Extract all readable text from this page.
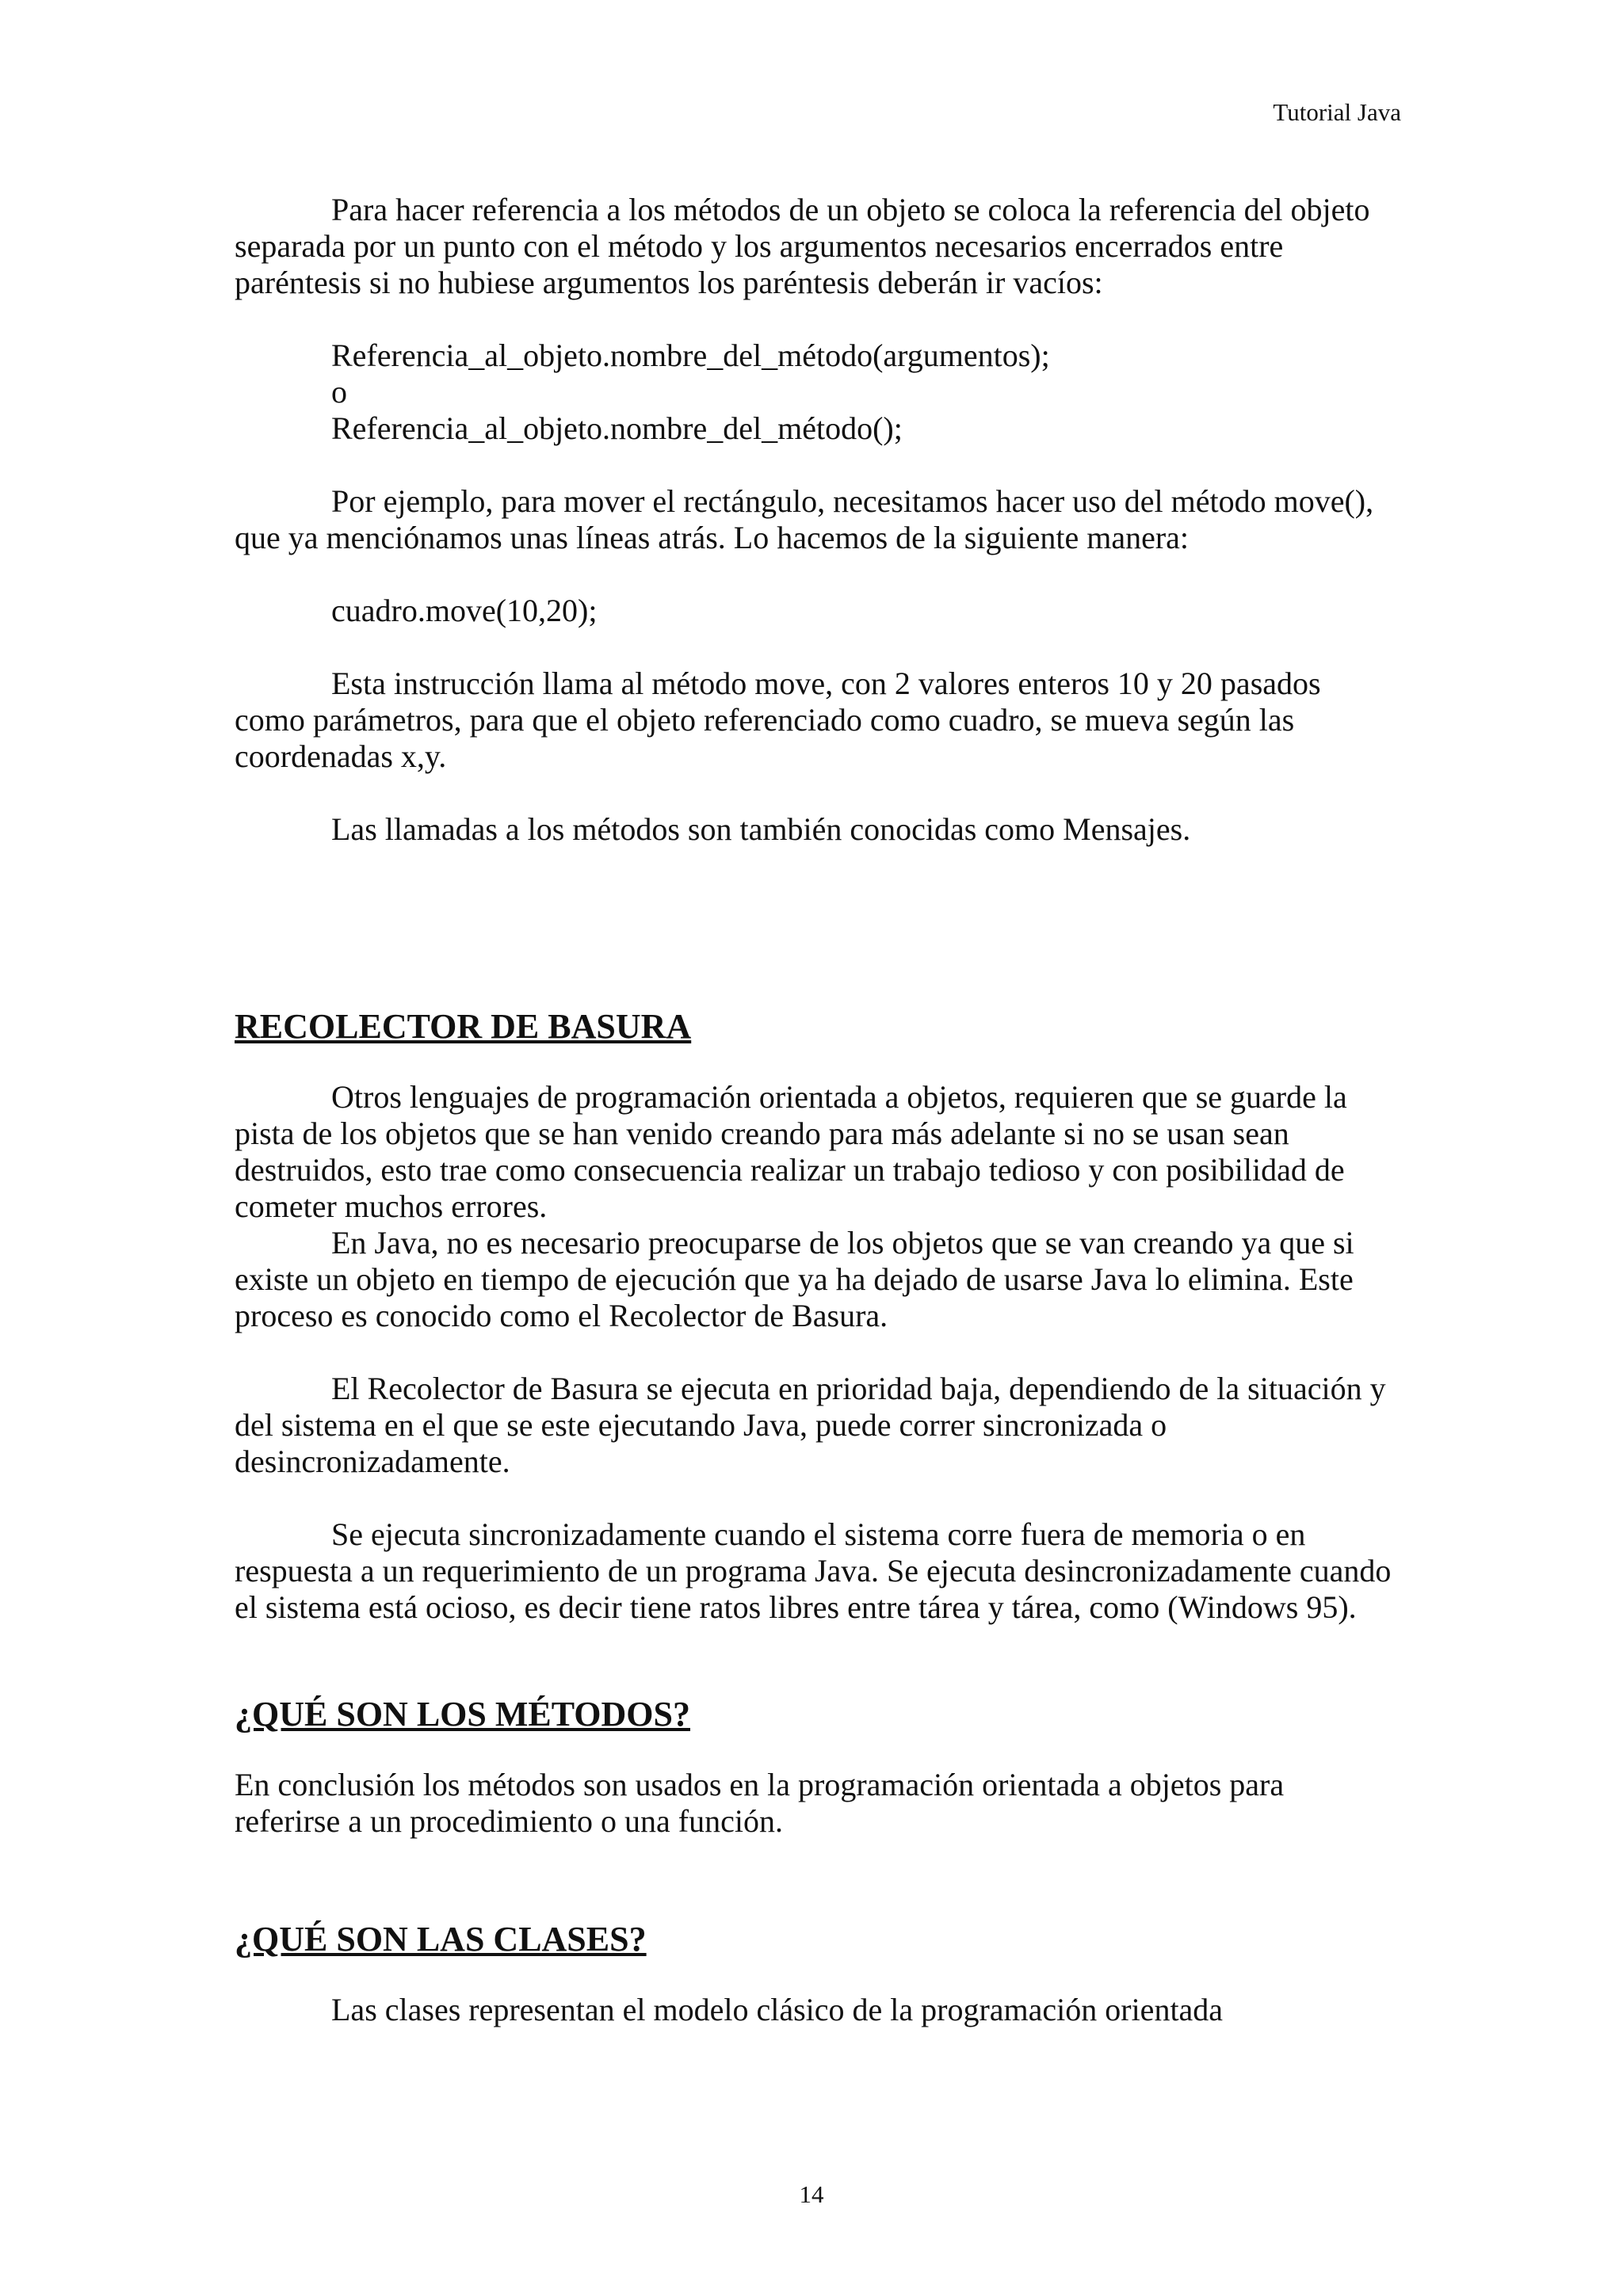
Tutorial Java

Para hacer referencia a los métodos de un objeto se coloca la referencia del objeto separada por un punto con el método y los argumentos necesarios encerrados entre paréntesis si no hubiese argumentos los paréntesis deberán ir vacíos:

Referencia_al_objeto.nombre_del_método(argumentos);

o

Referencia_al_objeto.nombre_del_método();

Por ejemplo, para mover el rectángulo, necesitamos hacer uso del método move(), que ya menciónamos unas líneas atrás. Lo hacemos de la siguiente manera:

cuadro.move(10,20);

Esta instrucción llama al método move, con 2 valores enteros 10 y 20 pasados como parámetros, para que el objeto referenciado como cuadro, se mueva según las coordenadas x,y.

Las llamadas a los métodos son también conocidas como Mensajes.

RECOLECTOR DE BASURA

Otros lenguajes de programación orientada a objetos, requieren que se guarde la pista de los objetos que se han venido creando para más adelante si no se usan sean destruidos, esto trae como consecuencia realizar un trabajo tedioso y con posibilidad de cometer muchos errores.

En Java, no es necesario preocuparse de los objetos que se van creando ya que si existe un objeto en tiempo de ejecución que ya ha dejado de usarse Java lo elimina. Este proceso es conocido como el Recolector de Basura.

El Recolector de Basura se ejecuta en prioridad baja, dependiendo de la situación y del sistema en el que se este ejecutando Java, puede correr sincronizada o desincronizadamente.

Se ejecuta sincronizadamente cuando el sistema corre fuera de memoria o en respuesta a un requerimiento de un programa Java. Se ejecuta desincronizadamente cuando el sistema está ocioso, es decir tiene ratos libres entre tárea y tárea, como (Windows 95).

¿QUÉ SON LOS MÉTODOS?

En conclusión los métodos son usados en la programación orientada a objetos para referirse a un procedimiento o una función.

¿QUÉ SON LAS CLASES?

Las clases representan el modelo clásico de la programación orientada

14
